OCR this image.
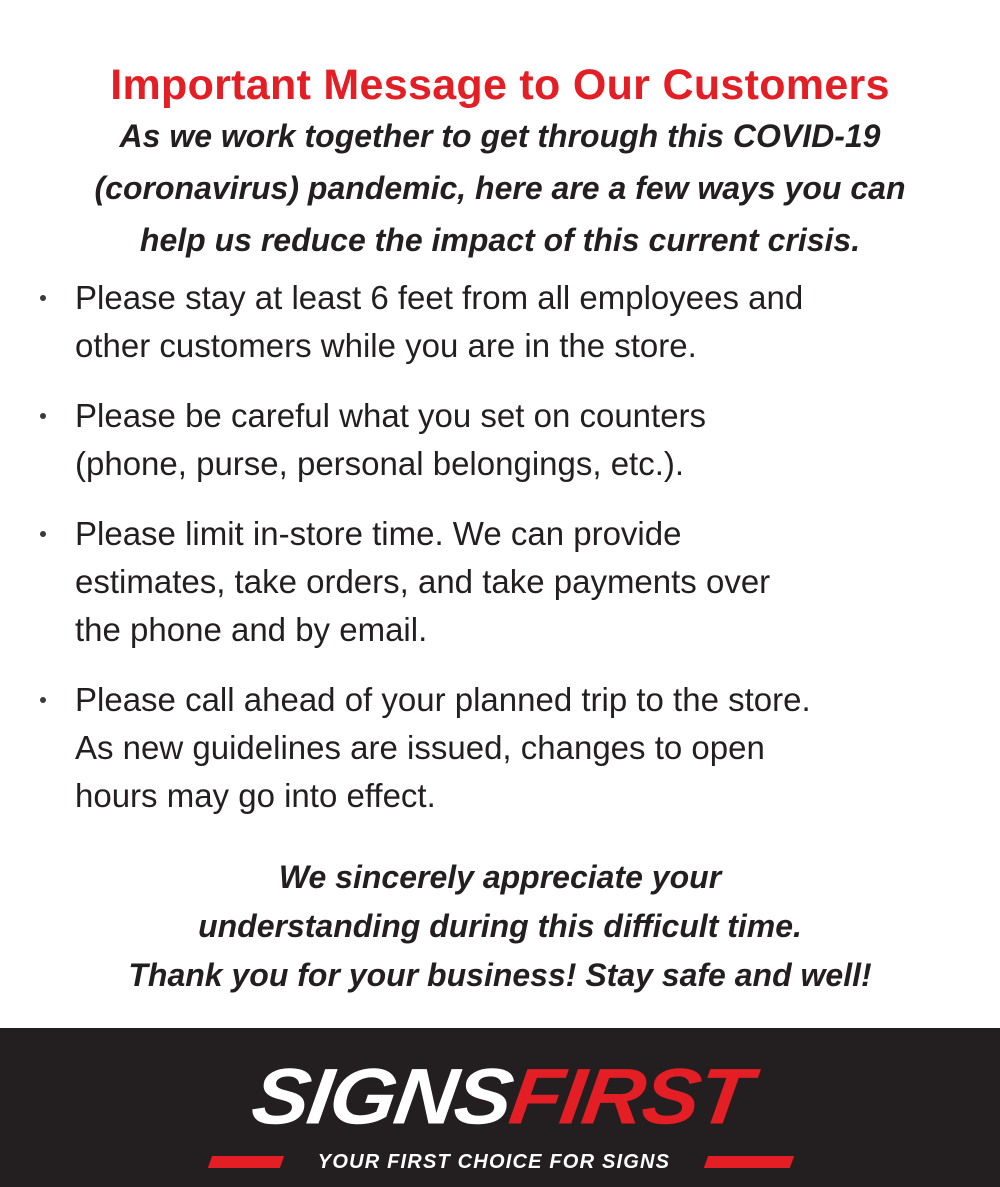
Important Message to Our Customers
As we work together to get through this COVID-19
(coronavirus) pandemic, here are a few ways you can
help us reduce the impact of this current crisis.
Please stay at least 6 feet from all employees and
other customers while you are in the store.
Please be careful what you set on counters
(phone, purse, personal belongings, etc.).
Please limit in-store time. We can provide
estimates, take orders, and take payments over
the phone and by email.
Please call ahead of your planned trip to the store.
As new guidelines are issued, changes to open
hours may go into effect.
We sincerely appreciate your
understanding during this difficult time.
Thank you for your business! Stay safe and well!
SIGNSFIRST
YOUR FIRST CHOICE FOR SIGNS
